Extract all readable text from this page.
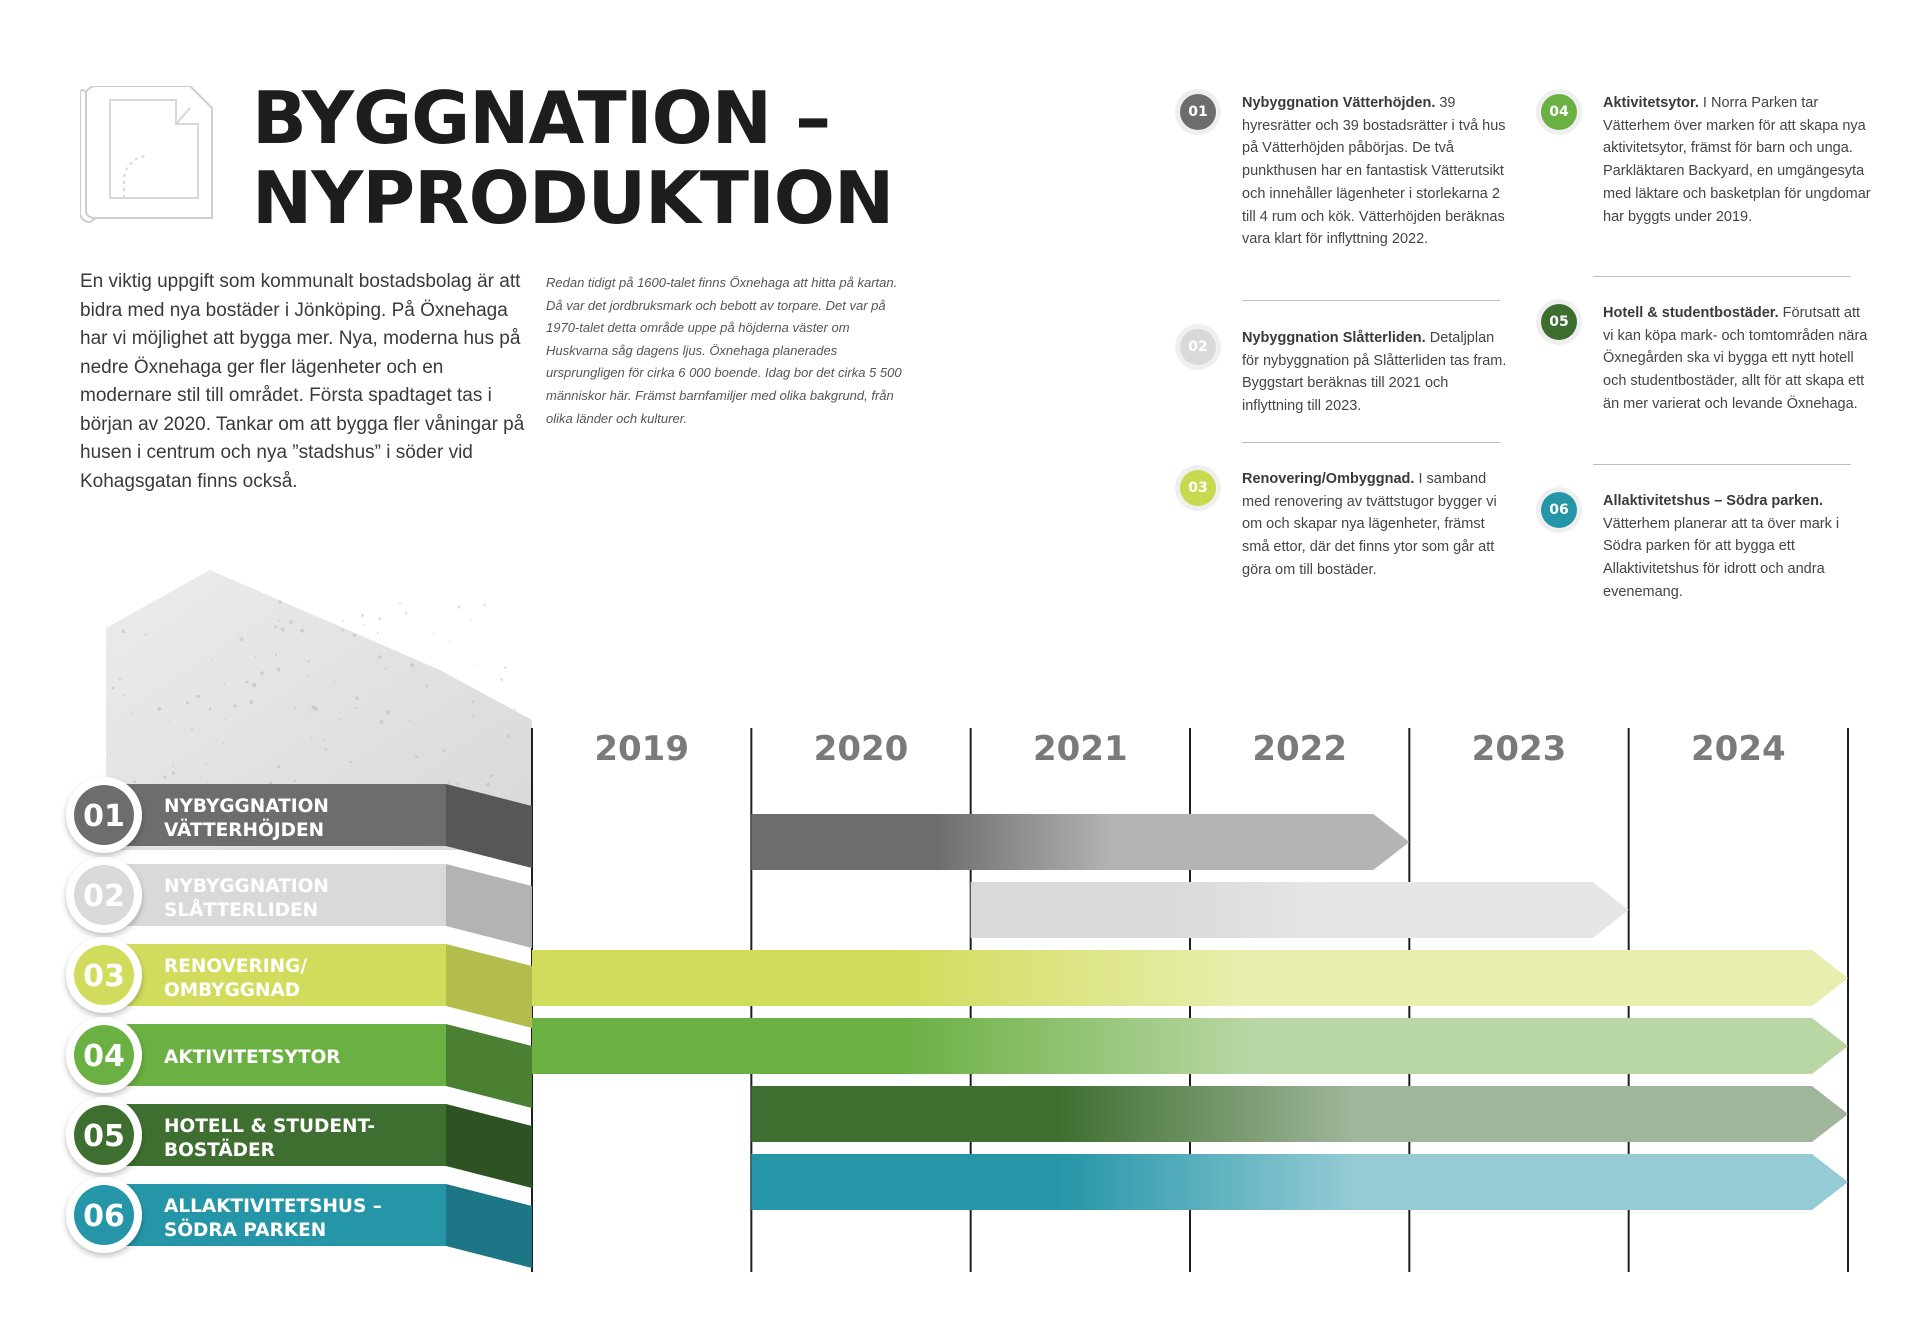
BYGGNATION –
NYPRODUKTION

En viktig uppgift som kommunalt bostadsbolag är att bidra med nya bostäder i Jönköping. På Öxnehaga har vi möjlighet att bygga mer. Nya, moderna hus på nedre Öxnehaga ger fler lägenheter och en modernare stil till området. Första spadtaget tas i början av 2020. Tankar om att bygga fler våningar på husen i centrum och nya ”stadshus” i söder vid Kohagsgatan finns också.

Redan tidigt på 1600-talet finns Öxnehaga att hitta på kartan. Då var det jordbruksmark och bebott av torpare. Det var på 1970-talet detta område uppe på höjderna väster om Huskvarna såg dagens ljus. Öxnehaga planerades ursprungligen för cirka 6 000 boende. Idag bor det cirka 5 500 människor här. Främst barnfamiljer med olika bakgrund, från olika länder och kulturer.

01

Nybyggnation Vätterhöjden. 39 hyresrätter och 39 bostadsrätter i två hus på Vätterhöjden påbörjas. De två punkthusen har en fantastisk Vätterutsikt och innehåller lägenheter i storlekarna 2 till 4 rum och kök. Vätterhöjden beräknas vara klart för inflyttning 2022.

02

Nybyggnation Slåtterliden. Detaljplan för nybyggnation på Slåtterliden tas fram. Byggstart beräknas till 2021 och inflyttning till 2023.

03

Renovering/Ombyggnad. I samband med renovering av tvättstugor bygger vi om och skapar nya lägenheter, främst små ettor, där det finns ytor som går att göra om till bostäder.

04

Aktivitetsytor. I Norra Parken tar Vätterhem över marken för att skapa nya aktivitetsytor, främst för barn och unga. Parkläktaren Backyard, en umgängesyta med läktare och basketplan för ungdomar har byggts under 2019.

05

Hotell & studentbostäder. Förutsatt att vi kan köpa mark- och tomtområden nära Öxnegården ska vi bygga ett nytt hotell och studentbostäder, allt för att skapa ett än mer varierat och levande Öxnehaga.

06

Allaktivitetshus – Södra parken. Vätterhem planerar att ta över mark i Södra parken för att bygga ett Allaktivitetshus för idrott och andra evenemang.

2019	2020	2021	2022	2023	2024
01 NYBYGGNATION
VÄTTERHÖJDEN
02 NYBYGGNATION
SLÅTTERLIDEN
03 RENOVERING/
OMBYGGNAD
04 AKTIVITETSYTOR
05 HOTELL & STUDENT-
BOSTÄDER
06 ALLAKTIVITETSHUS –
SÖDRA PARKEN
